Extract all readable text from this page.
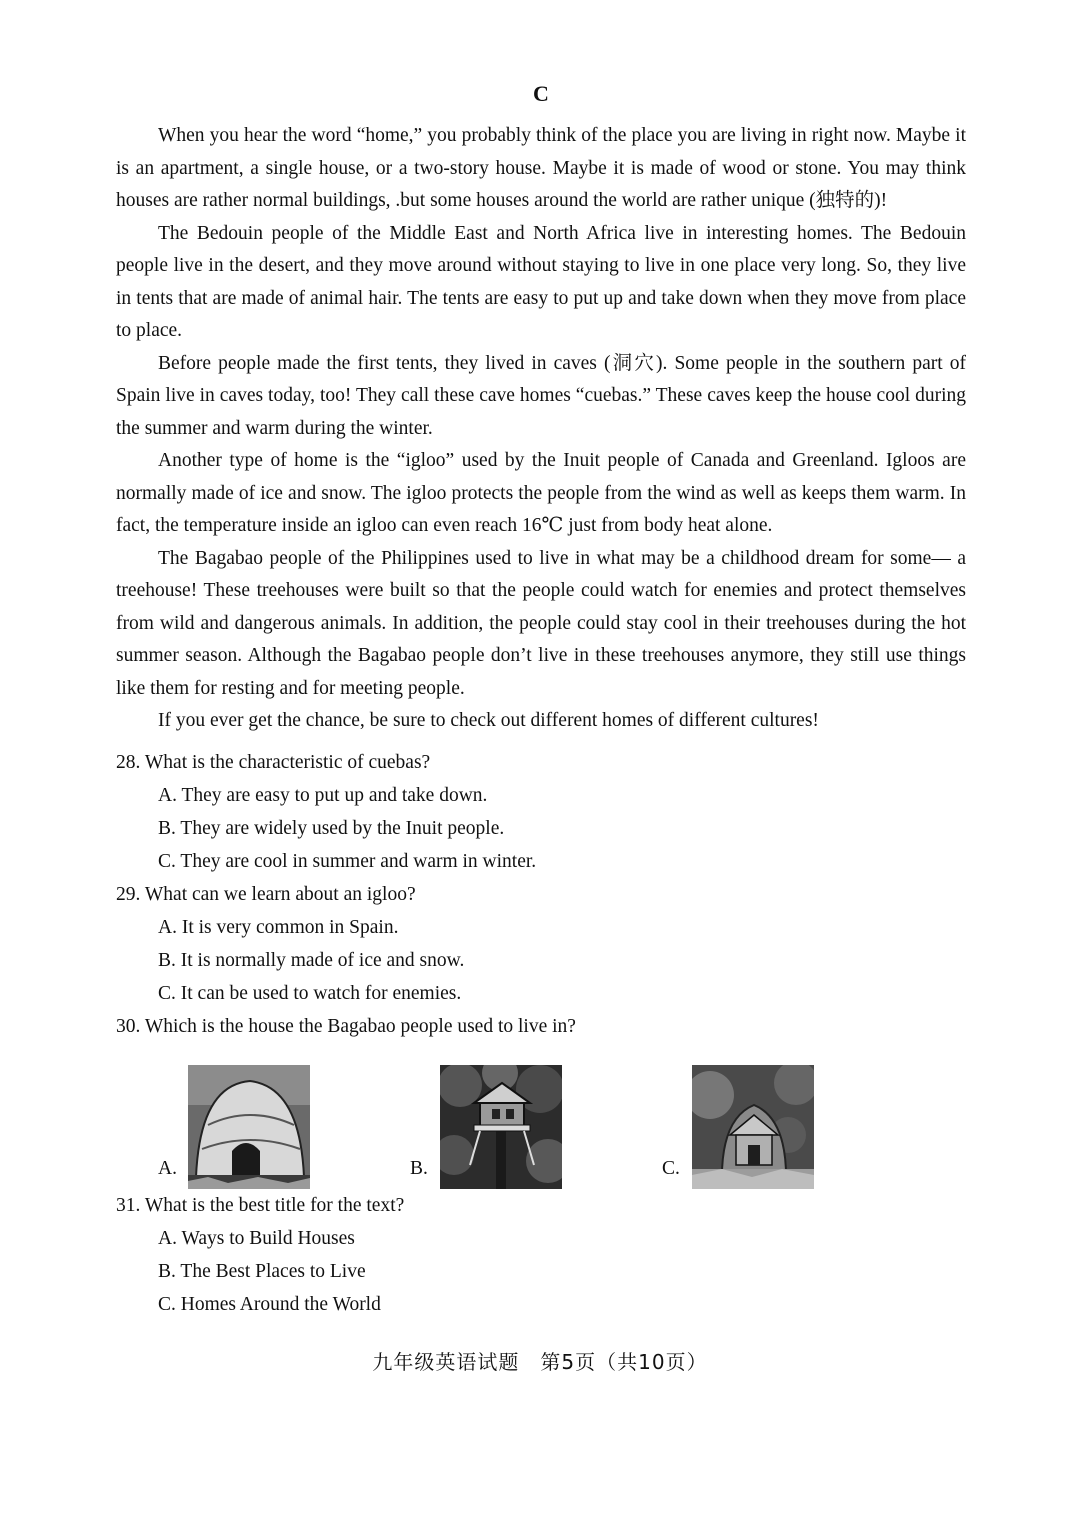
C

When you hear the word “home,” you probably think of the place you are living in right now. Maybe it is an apartment, a single house, or a two-story house. Maybe it is made of wood or stone. You may think houses are rather normal buildings, .but some houses around the world are rather unique (独特的)!

The Bedouin people of the Middle East and North Africa live in interesting homes. The Bedouin people live in the desert, and they move around without staying to live in one place very long. So, they live in tents that are made of animal hair. The tents are easy to put up and take down when they move from place to place.

Before people made the first tents, they lived in caves (洞穴). Some people in the southern part of Spain live in caves today, too! They call these cave homes “cuebas.” These caves keep the house cool during the summer and warm during the winter.

Another type of home is the “igloo” used by the Inuit people of Canada and Greenland. Igloos are normally made of ice and snow. The igloo protects the people from the wind as well as keeps them warm. In fact, the temperature inside an igloo can even reach 16℃ just from body heat alone.

The Bagabao people of the Philippines used to live in what may be a childhood dream for some— a treehouse! These treehouses were built so that the people could watch for enemies and protect themselves from wild and dangerous animals. In addition, the people could stay cool in their treehouses during the hot summer season. Although the Bagabao people don’t live in these treehouses anymore, they still use things like them for resting and for meeting people.

If you ever get the chance, be sure to check out different homes of different cultures!

28. What is the characteristic of cuebas?

A. They are easy to put up and take down.

B. They are widely used by the Inuit people.

C. They are cool in summer and warm in winter.

29. What can we learn about an igloo?

A. It is very common in Spain.

B. It is normally made of ice and snow.

C. It can be used to watch for enemies.

30. Which is the house the Bagabao people used to live in?

A.	B.	C.

31. What is the best title for the text?

A. Ways to Build Houses

B. The Best Places to Live

C. Homes Around the World

九年级英语试题　第5页（共10页）
